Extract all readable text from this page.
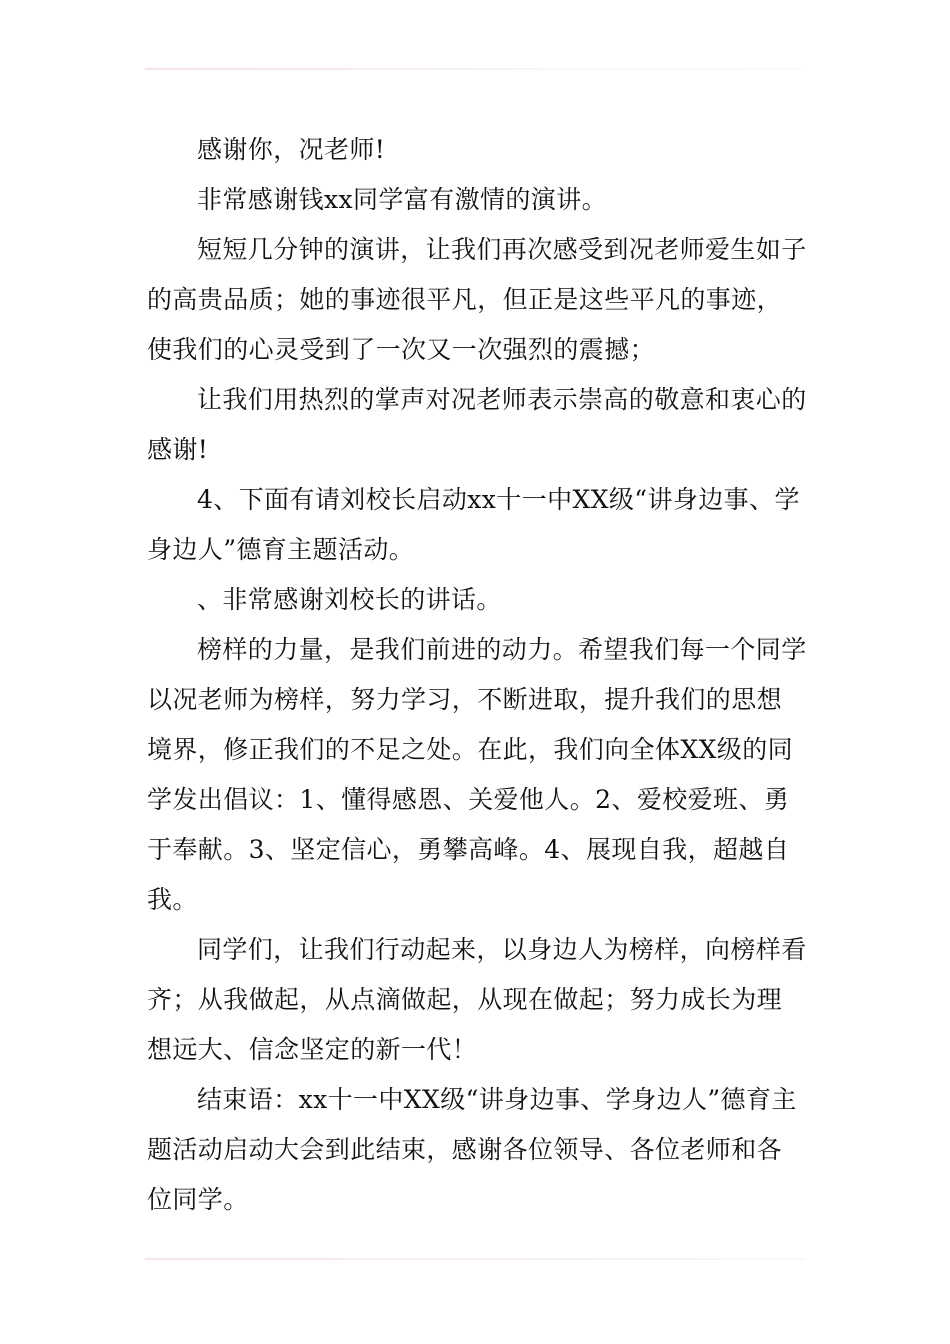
感谢你，况老师!

非常感谢钱xx同学富有激情的演讲。

短短几分钟的演讲，让我们再次感受到况老师爱生如子的高贵品质；她的事迹很平凡，但正是这些平凡的事迹，使我们的心灵受到了一次又一次强烈的震撼；

让我们用热烈的掌声对况老师表示崇高的敬意和衷心的感谢!

4、下面有请刘校长启动xx十一中XX级“讲身边事、学身边人”德育主题活动。

、非常感谢刘校长的讲话。

榜样的力量，是我们前进的动力。希望我们每一个同学以况老师为榜样，努力学习，不断进取，提升我们的思想境界，修正我们的不足之处。在此，我们向全体XX级的同学发出倡议：1、懂得感恩、关爱他人。2、爱校爱班、勇于奉献。3、坚定信心，勇攀高峰。4、展现自我，超越自我。

同学们，让我们行动起来，以身边人为榜样，向榜样看齐；从我做起，从点滴做起，从现在做起；努力成长为理想远大、信念坚定的新一代！

结束语：xx十一中XX级“讲身边事、学身边人”德育主题活动启动大会到此结束，感谢各位领导、各位老师和各位同学。
